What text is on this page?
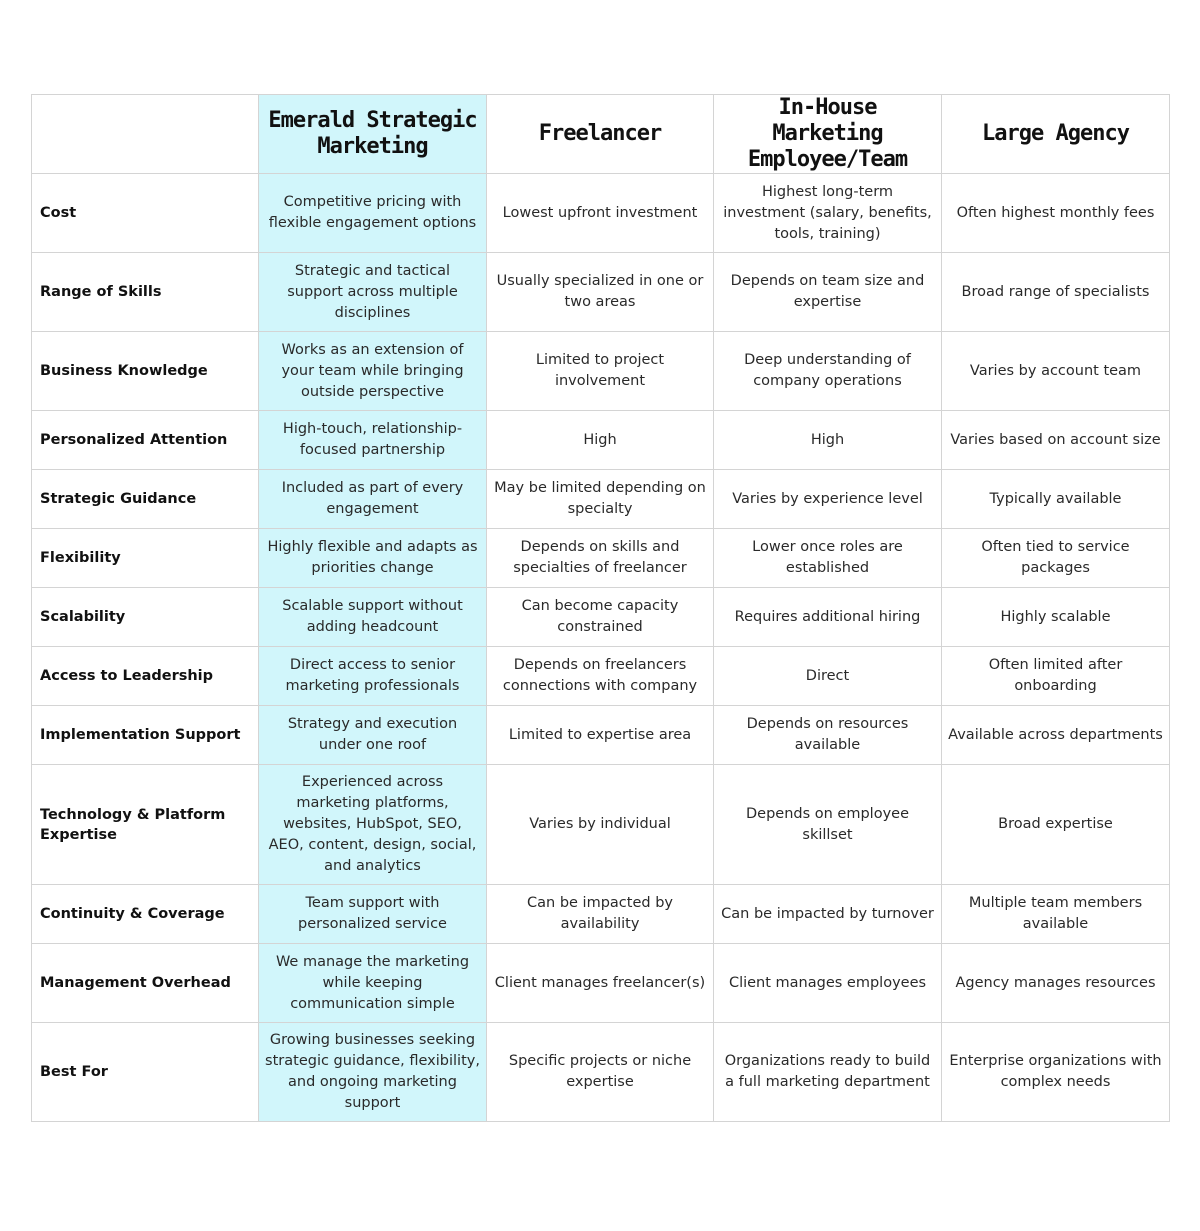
	Emerald Strategic Marketing	Freelancer	In-House Marketing Employee/Team	Large Agency
Cost	Competitive pricing with flexible engagement options	Lowest upfront investment	Highest long-term investment (salary, benefits, tools, training)	Often highest monthly fees
Range of Skills	Strategic and tactical support across multiple disciplines	Usually specialized in one or two areas	Depends on team size and expertise	Broad range of specialists
Business Knowledge	Works as an extension of your team while bringing outside perspective	Limited to project involvement	Deep understanding of company operations	Varies by account team
Personalized Attention	High-touch, relationship-focused partnership	High	High	Varies based on account size
Strategic Guidance	Included as part of every engagement	May be limited depending on specialty	Varies by experience level	Typically available
Flexibility	Highly flexible and adapts as priorities change	Depends on skills and specialties of freelancer	Lower once roles are established	Often tied to service packages
Scalability	Scalable support without adding headcount	Can become capacity constrained	Requires additional hiring	Highly scalable
Access to Leadership	Direct access to senior marketing professionals	Depends on freelancers connections with company	Direct	Often limited after onboarding
Implementation Support	Strategy and execution under one roof	Limited to expertise area	Depends on resources available	Available across departments
Technology & Platform Expertise	Experienced across marketing platforms, websites, HubSpot, SEO, AEO, content, design, social, and analytics	Varies by individual	Depends on employee skillset	Broad expertise
Continuity & Coverage	Team support with personalized service	Can be impacted by availability	Can be impacted by turnover	Multiple team members available
Management Overhead	We manage the marketing while keeping communication simple	Client manages freelancer(s)	Client manages employees	Agency manages resources
Best For	Growing businesses seeking strategic guidance, flexibility, and ongoing marketing support	Specific projects or niche expertise	Organizations ready to build a full marketing department	Enterprise organizations with complex needs
